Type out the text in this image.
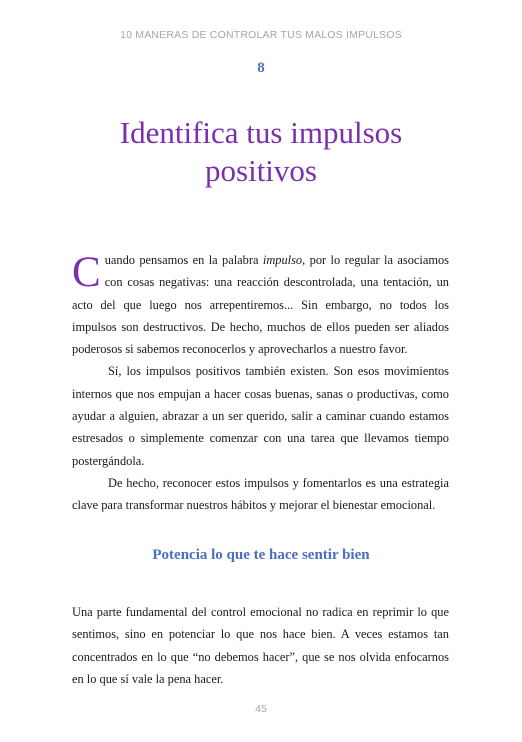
10 MANERAS DE CONTROLAR TUS MALOS IMPULSOS
8
Identifica tus impulsos positivos

Cuando pensamos en la palabra impulso, por lo regular la asociamos con cosas negativas: una reacción descontrolada, una tentación, un acto del que luego nos arrepentiremos... Sin embargo, no todos los impulsos son destructivos. De hecho, muchos de ellos pueden ser aliados poderosos si sabemos reconocerlos y aprovecharlos a nuestro favor.

Sí, los impulsos positivos también existen. Son esos movimientos internos que nos empujan a hacer cosas buenas, sanas o productivas, como ayudar a alguien, abrazar a un ser querido, salir a caminar cuando estamos estresados o simplemente comenzar con una tarea que llevamos tiempo postergándola.

De hecho, reconocer estos impulsos y fomentarlos es una estrategia clave para transformar nuestros hábitos y mejorar el bienestar emocional.

Potencia lo que te hace sentir bien

Una parte fundamental del control emocional no radica en reprimir lo que sentimos, sino en potenciar lo que nos hace bien. A veces estamos tan concentrados en lo que “no debemos hacer”, que se nos olvida enfocarnos en lo que sí vale la pena hacer.

45
